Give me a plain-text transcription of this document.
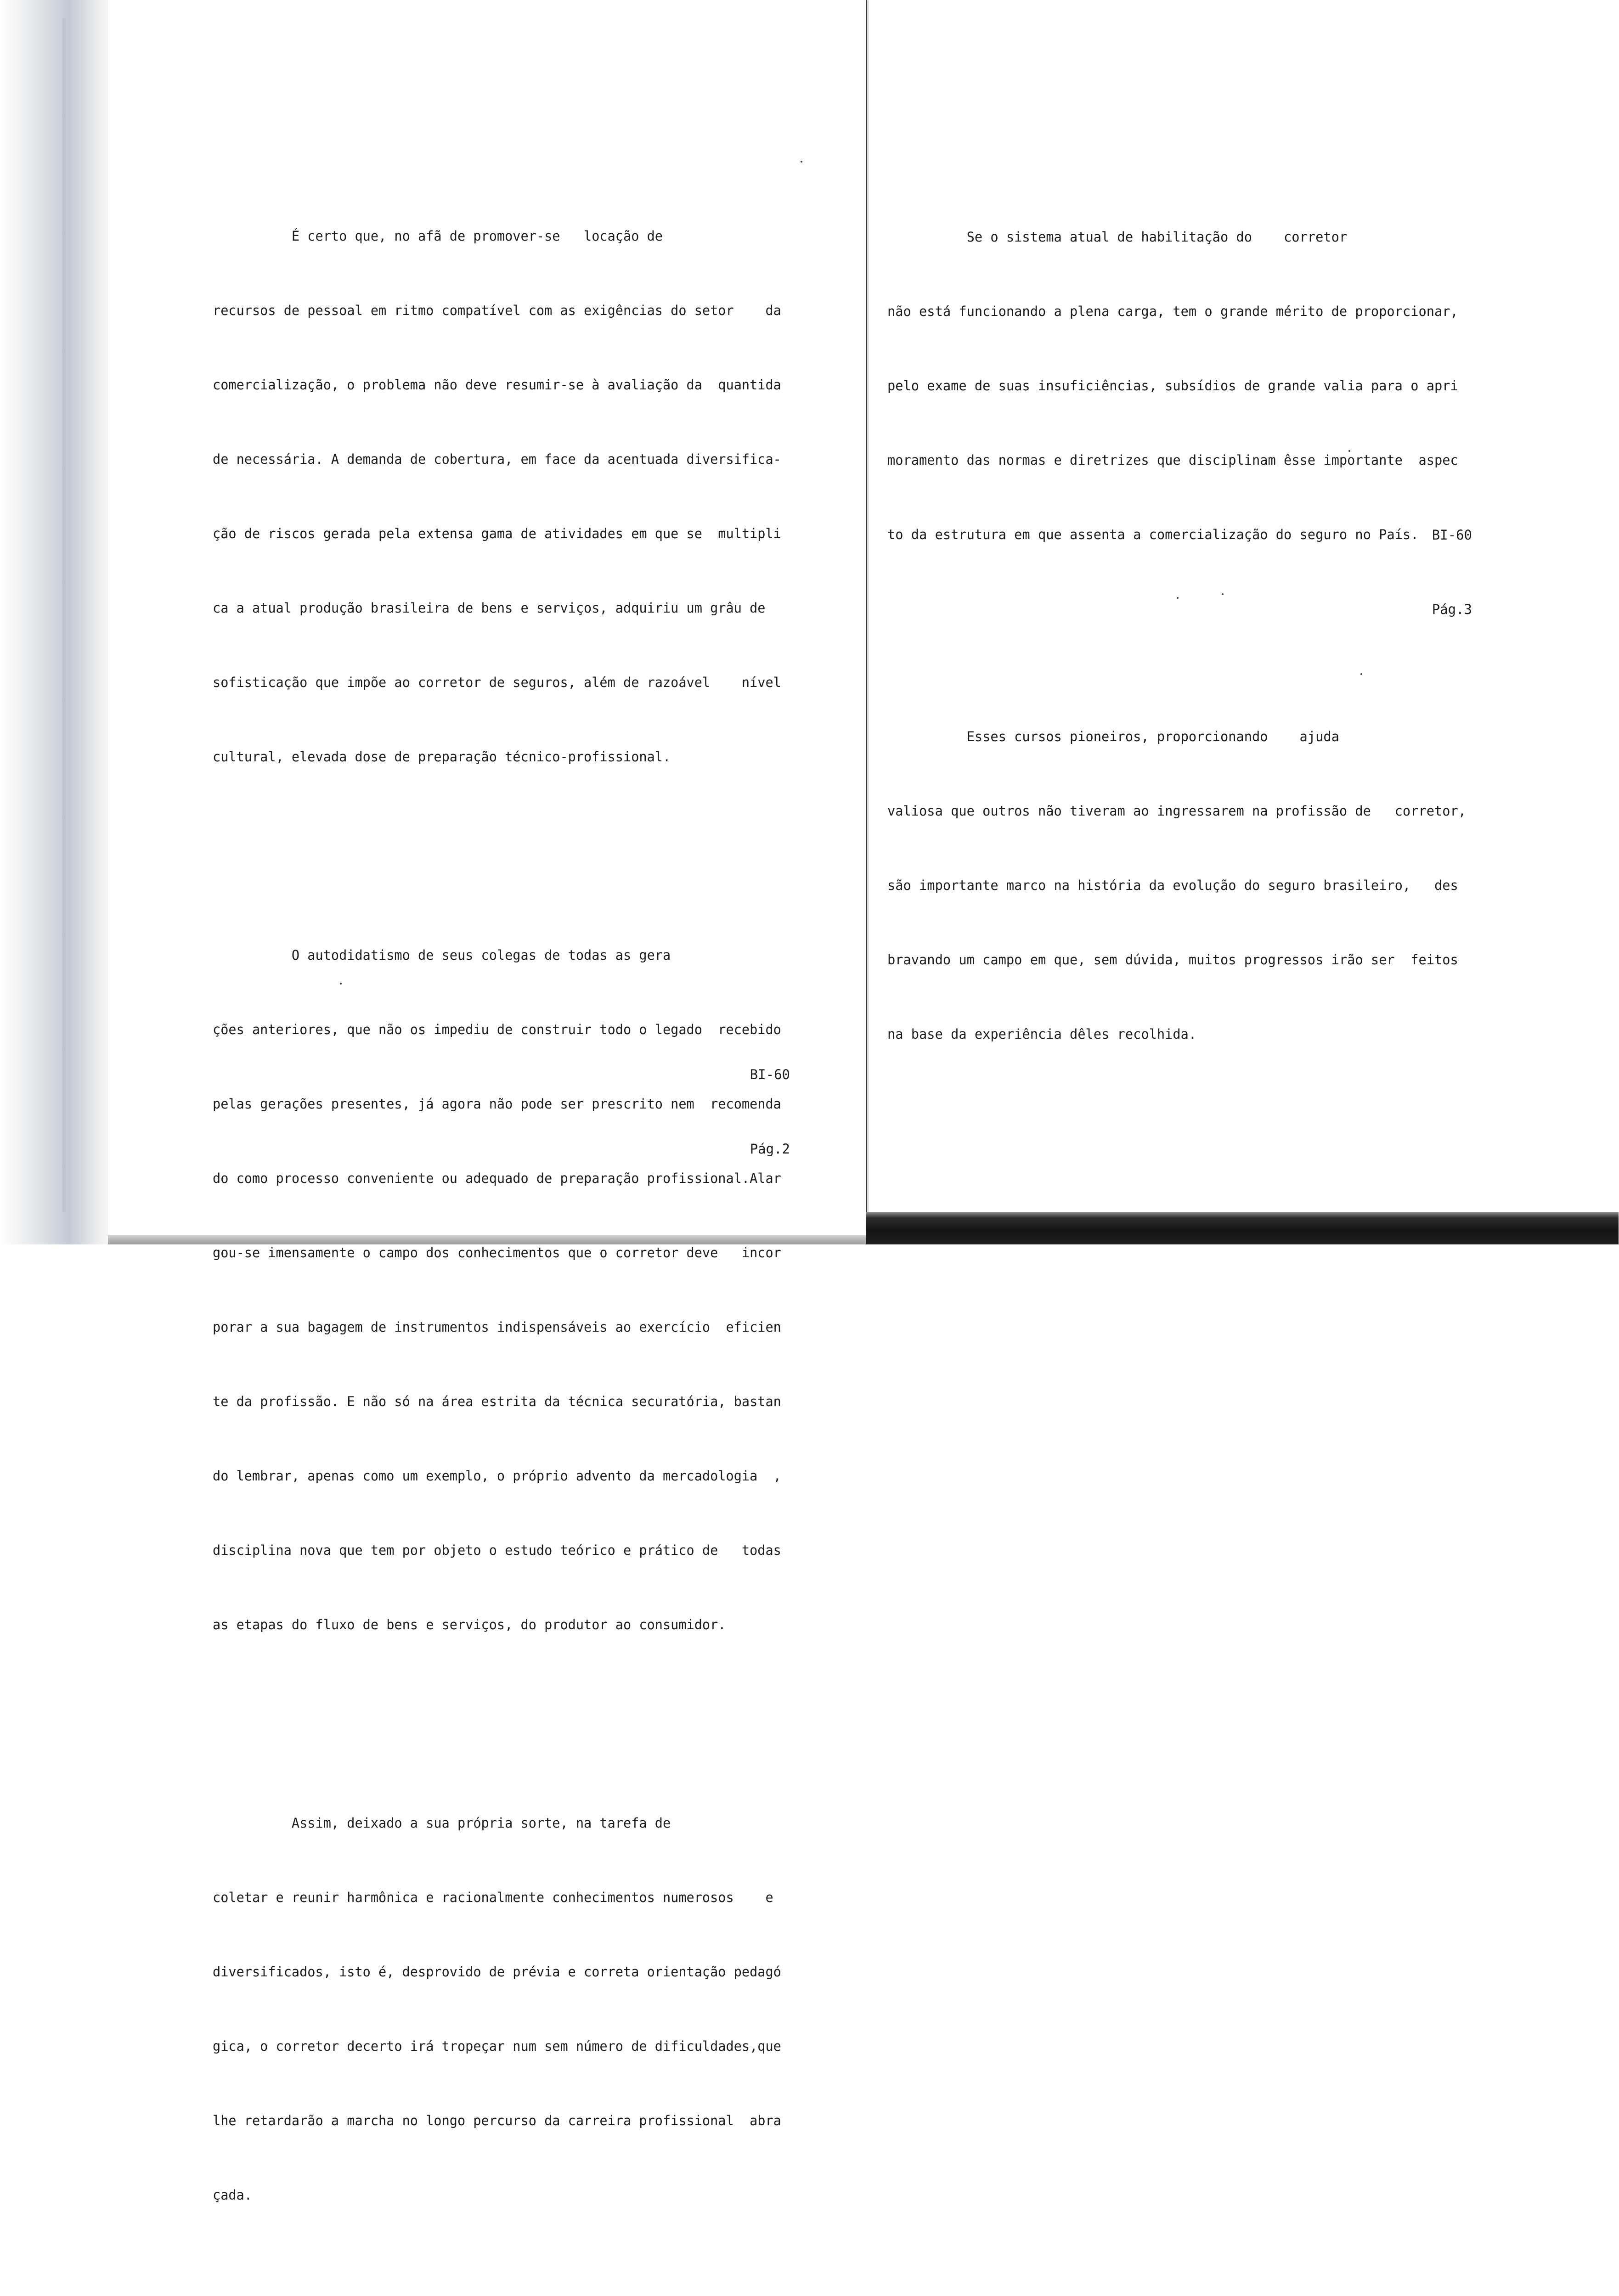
É certo que, no afã de promover-se   locação de

recursos de pessoal em ritmo compatível com as exigências do setor    da

comercialização, o problema não deve resumir-se à avaliação da  quantida

de necessária. A demanda de cobertura, em face da acentuada diversifica-

ção de riscos gerada pela extensa gama de atividades em que se  multipli

ca a atual produção brasileira de bens e serviços, adquiriu um grâu de

sofisticação que impõe ao corretor de seguros, além de razoável    nível

cultural, elevada dose de preparação técnico-profissional.

O autodidatismo de seus colegas de todas as gera

ções anteriores, que não os impediu de construir todo o legado  recebido

pelas gerações presentes, já agora não pode ser prescrito nem  recomenda

do como processo conveniente ou adequado de preparação profissional.Alar

gou-se imensamente o campo dos conhecimentos que o corretor deve   incor

porar a sua bagagem de instrumentos indispensáveis ao exercício  eficien

te da profissão. E não só na área estrita da técnica securatória, bastan

do lembrar, apenas como um exemplo, o próprio advento da mercadologia  ,

disciplina nova que tem por objeto o estudo teórico e prático de   todas

as etapas do fluxo de bens e serviços, do produtor ao consumidor.

Assim, deixado a sua própria sorte, na tarefa de

coletar e reunir harmônica e racionalmente conhecimentos numerosos    e

diversificados, isto é, desprovido de prévia e correta orientação pedagó

gica, o corretor decerto irá tropeçar num sem número de dificuldades,que

lhe retardarão a marcha no longo percurso da carreira profissional  abra

çada.

BI-60

Pág.2

Se o sistema atual de habilitação do    corretor

não está funcionando a plena carga, tem o grande mérito de proporcionar,

pelo exame de suas insuficiências, subsídios de grande valia para o apri

moramento das normas e diretrizes que disciplinam êsse importante  aspec

to da estrutura em que assenta a comercialização do seguro no País.

Esses cursos pioneiros, proporcionando    ajuda

valiosa que outros não tiveram ao ingressarem na profissão de   corretor,

são importante marco na história da evolução do seguro brasileiro,   des

bravando um campo em que, sem dúvida, muitos progressos irão ser  feitos

na base da experiência dêles recolhida.

BI-60

Pág.3
